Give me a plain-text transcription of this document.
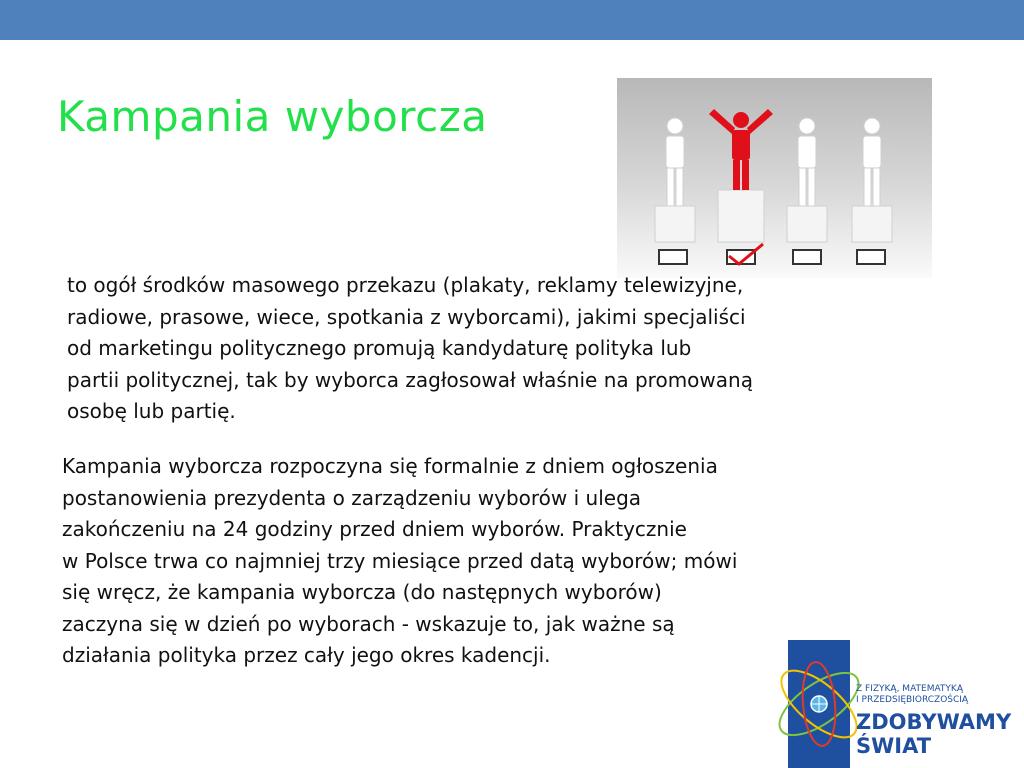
Kampania wyborcza
to ogół środków masowego przekazu (plakaty, reklamy telewizyjne,
radiowe, prasowe, wiece, spotkania z wyborcami), jakimi specjaliści
od marketingu politycznego promują kandydaturę polityka lub
partii politycznej, tak by wyborca zagłosował właśnie na promowaną
osobę lub partię.
Kampania wyborcza rozpoczyna się formalnie z dniem ogłoszenia
postanowienia prezydenta o zarządzeniu wyborów i ulega
zakończeniu na 24 godziny przed dniem wyborów. Praktycznie
w Polsce trwa co najmniej trzy miesiące przed datą wyborów; mówi
się wręcz, że kampania wyborcza (do następnych wyborów)
zaczyna się w dzień po wyborach - wskazuje to, jak ważne są
działania polityka przez cały jego okres kadencji.
Z FIZYKĄ, MATEMATYKĄ
I PRZEDSIĘBIORCZOŚCIĄ
ZDOBYWAMY
ŚWIAT
